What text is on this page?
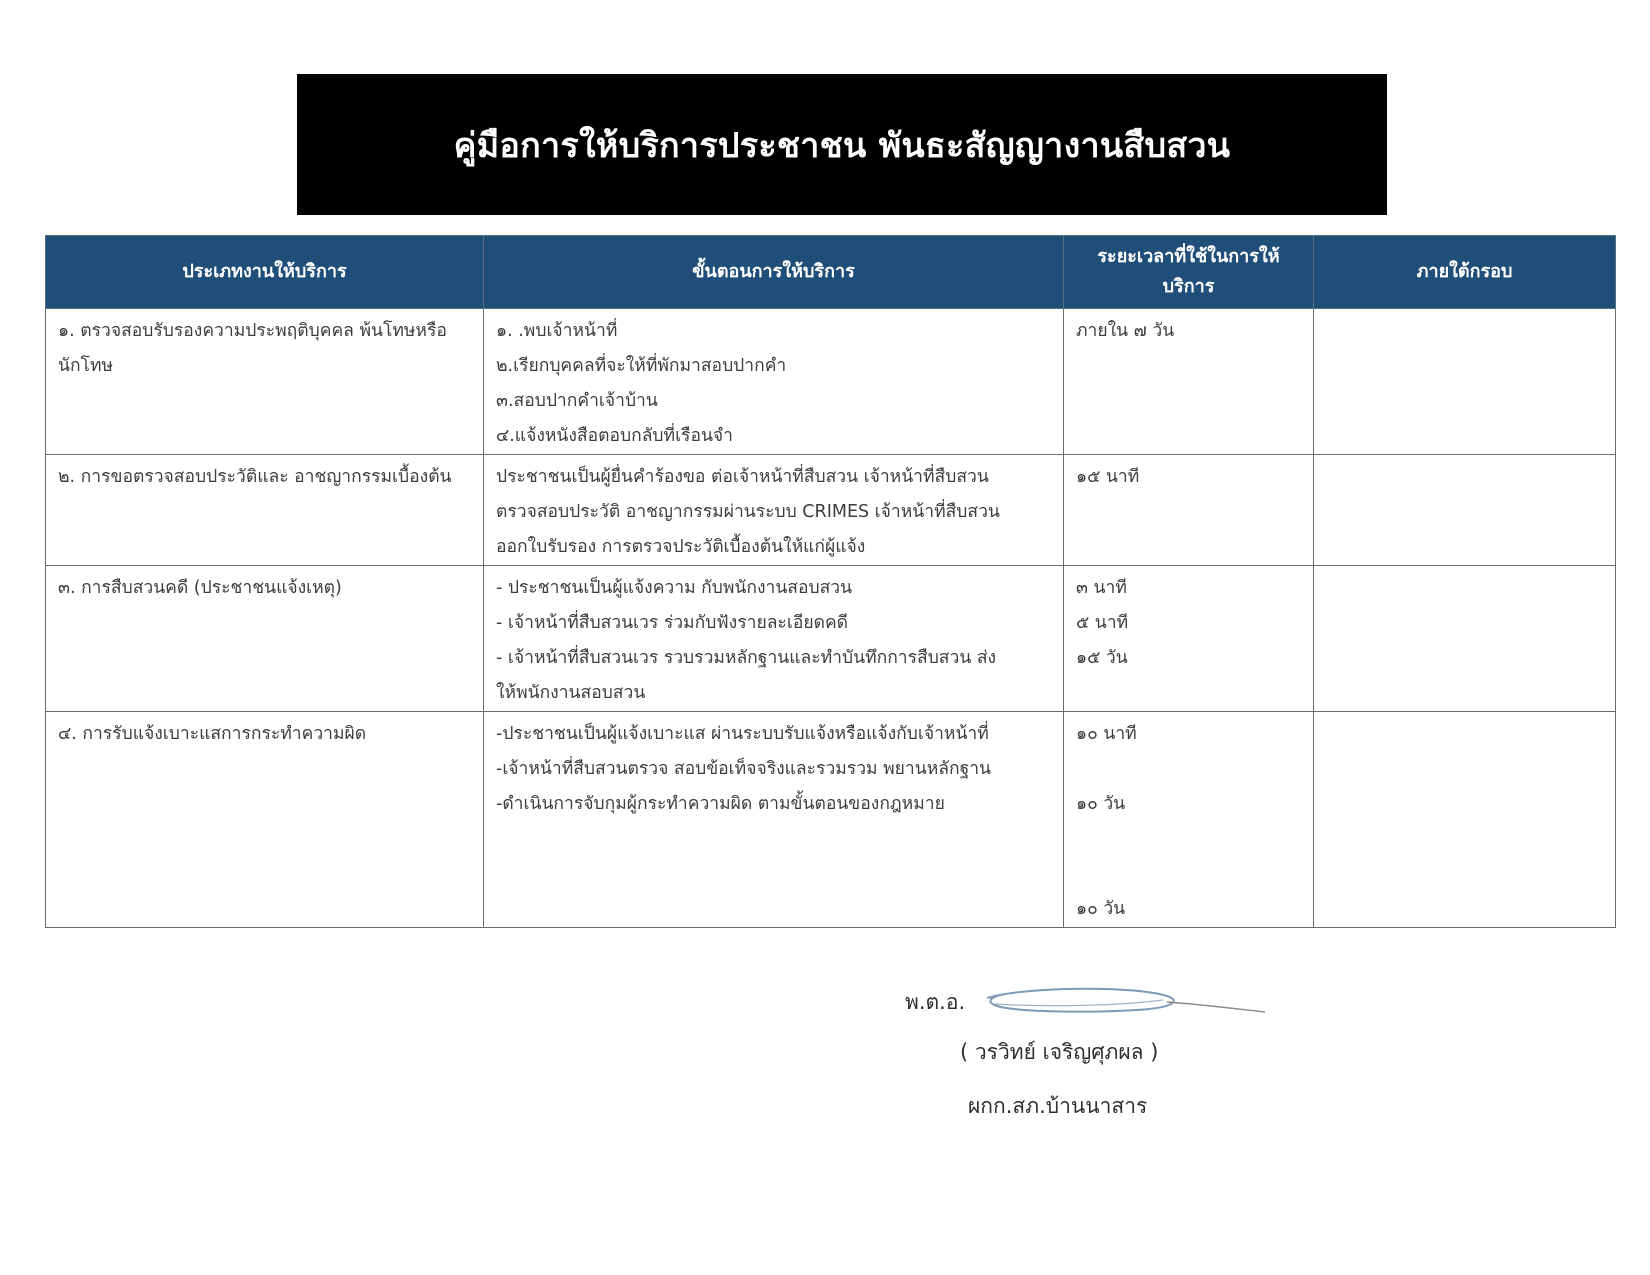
คู่มือการให้บริการประชาชน พันธะสัญญางานสืบสวน
ประเภทงานให้บริการ	ขั้นตอนการให้บริการ	ระยะเวลาที่ใช้ในการให้บริการ	ภายใต้กรอบ

๑. ตรวจสอบรับรองความประพฤติบุคคล พ้นโทษหรือนักโทษ	๑. .พบเจ้าหน้าที่
๒.เรียกบุคคลที่จะให้ที่พักมาสอบปากคำ
๓.สอบปากคำเจ้าบ้าน
๔.แจ้งหนังสือตอบกลับที่เรือนจำ	ภายใน ๗ วัน	

๒. การขอตรวจสอบประวัติและ อาชญากรรมเบื้องต้น	ประชาชนเป็นผู้ยื่นคำร้องขอ ต่อเจ้าหน้าที่สืบสวน เจ้าหน้าที่สืบสวน
ตรวจสอบประวัติ อาชญากรรมผ่านระบบ CRIMES เจ้าหน้าที่สืบสวน
ออกใบรับรอง การตรวจประวัติเบื้องต้นให้แก่ผู้แจ้ง	๑๕ นาที	

๓. การสืบสวนคดี (ประชาชนแจ้งเหตุ)	- ประชาชนเป็นผู้แจ้งความ กับพนักงานสอบสวน
- เจ้าหน้าที่สืบสวนเวร ร่วมกับฟังรายละเอียดคดี
- เจ้าหน้าที่สืบสวนเวร รวบรวมหลักฐานและทำบันทึกการสืบสวน ส่ง
ให้พนักงานสอบสวน	๓ นาที
๕ นาที
๑๕ วัน	

๔. การรับแจ้งเบาะแสการกระทำความผิด	-ประชาชนเป็นผู้แจ้งเบาะแส ผ่านระบบรับแจ้งหรือแจ้งกับเจ้าหน้าที่
-เจ้าหน้าที่สืบสวนตรวจ สอบข้อเท็จจริงและรวมรวม พยานหลักฐาน
-ดำเนินการจับกุมผู้กระทำความผิด ตามขั้นตอนของกฎหมาย	๑๐ นาที
๑๐ วัน
๑๐ วัน	

พ.ต.อ.
( วรวิทย์ เจริญศุภผล )
ผกก.สภ.บ้านนาสาร
